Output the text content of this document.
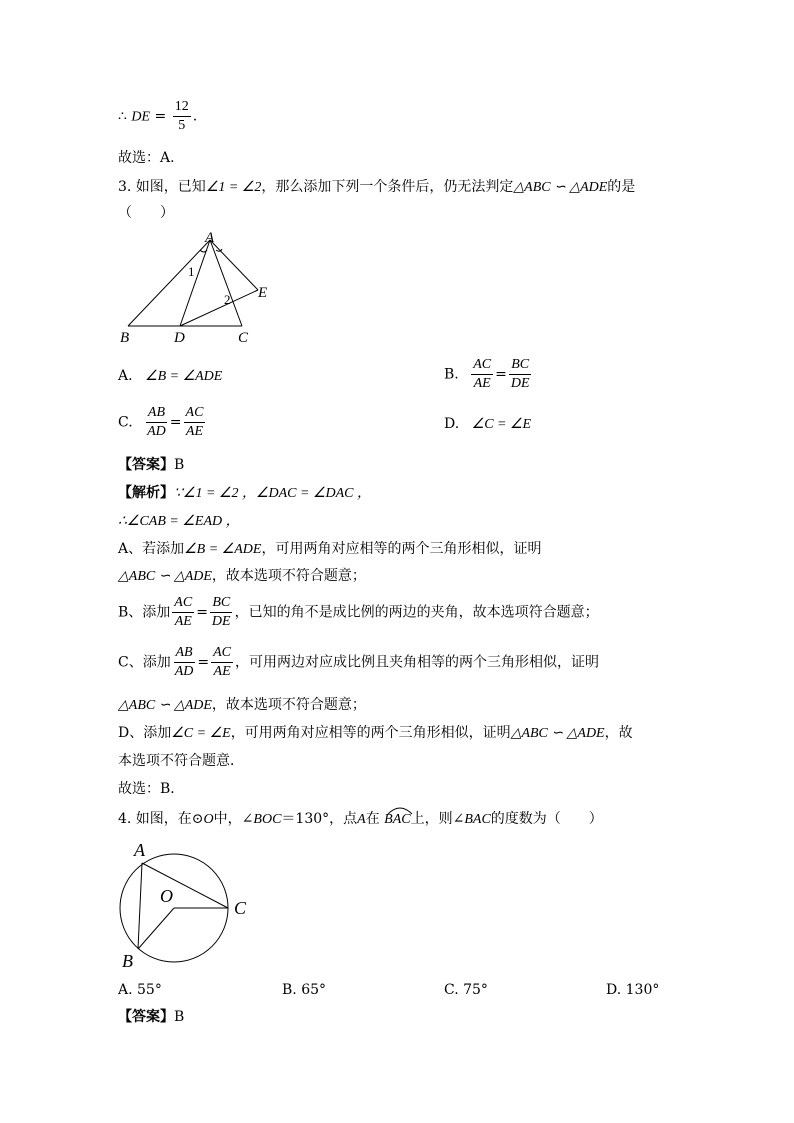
∴ DE = $\frac{12}{5}$ .
故选：A.
3. 如图，已知∠1 = ∠2，那么添加下列一个条件后，仍无法判定△ABC ∽ △ADE的是
（　　）
A
B	C
D
E
1
2
A. ∠B = ∠ADE	B. $\frac{AC}{AE} = \frac{BC}{DE}$
C. $\frac{AB}{AD} = \frac{AC}{AE}$	D. ∠C = ∠E
【答案】B
【解析】∵∠1 = ∠2 ，∠DAC = ∠DAC ，
∴∠CAB = ∠EAD ，
A、若添加∠B = ∠ADE，可用两角对应相等的两个三角形相似，证明
△ABC ∽ △ADE，故本选项不符合题意；
B、添加 $\frac{AC}{AE} = \frac{BC}{DE}$ ，已知的角不是成比例的两边的夹角，故本选项符合题意；
C、添加 $\frac{AB}{AD} = \frac{AC}{AE}$ ，可用两边对应成比例且夹角相等的两个三角形相似，证明
△ABC ∽ △ADE，故本选项不符合题意；
D、添加∠C = ∠E，可用两角对应相等的两个三角形相似，证明△ABC ∽ △ADE，故
本选项不符合题意．
故选：B．
4. 如图，在⊙O中，∠BOC＝130°，点A在 BAC上，则∠BAC的度数为（　　）
A
B
C
O
A. 55°	B. 65°	C. 75°	D. 130°
【答案】B
